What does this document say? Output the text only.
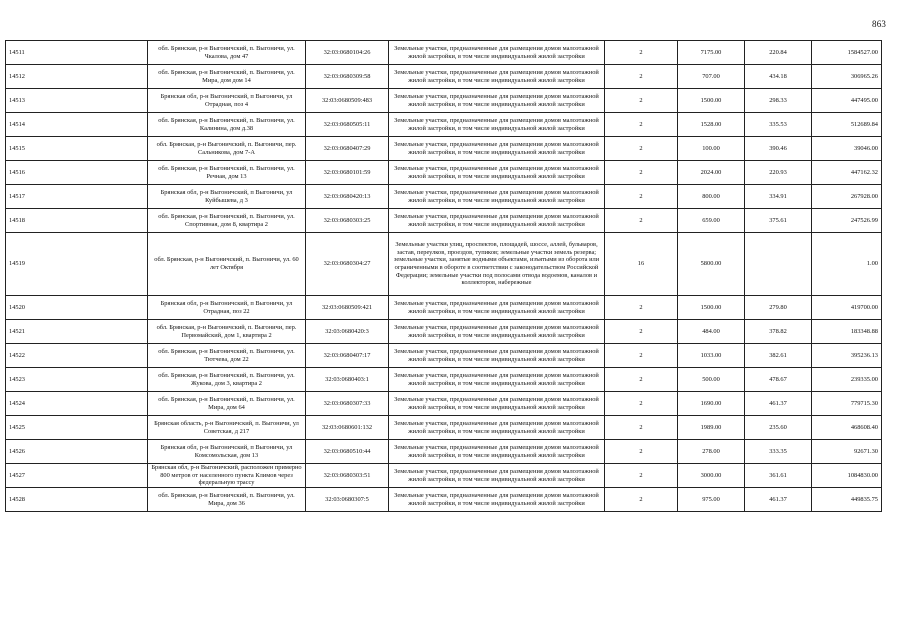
863
14511	обл. Брянская, р-н Выгоничский, п. Выгоничи, ул. Чкалова, дом 47	32:03:0680104:26	Земельные участки, предназначенные для размещения домов малоэтажной жилой застройки, в том числе индивидуальной жилой застройки	2	7175.00	220.84	1584527.00
14512	обл. Брянская, р-н Выгоничский, п. Выгоничи, ул. Мира, дом дом 14	32:03:0680309:58	Земельные участки, предназначенные для размещения домов малоэтажной жилой застройки, в том числе индивидуальной жилой застройки	2	707.00	434.18	306965.26
14513	Брянская обл, р-н Выгоничский, п Выгоничи, ул Отрадная, поз 4	32:03:0680509:483	Земельные участки, предназначенные для размещения домов малоэтажной жилой застройки, в том числе индивидуальной жилой застройки	2	1500.00	298.33	447495.00
14514	обл. Брянская, р-н Выгоничский, п. Выгоничи, ул. Калинина, дом д.38	32:03:0680505:11	Земельные участки, предназначенные для размещения домов малоэтажной жилой застройки, в том числе индивидуальной жилой застройки	2	1528.00	335.53	512689.84
14515	обл. Брянская, р-н Выгоничский, п. Выгоничи, пер. Сальникова, дом 7-А	32:03:0680407:29	Земельные участки, предназначенные для размещения домов малоэтажной жилой застройки, в том числе индивидуальной жилой застройки	2	100.00	390.46	39046.00
14516	обл. Брянская, р-н Выгоничский, п. Выгоничи, ул. Речная, дом 13	32:03:0680101:59	Земельные участки, предназначенные для размещения домов малоэтажной жилой застройки, в том числе индивидуальной жилой застройки	2	2024.00	220.93	447162.32
14517	Брянская обл, р-н Выгоничский, п Выгоничи, ул Куйбышева, д 3	32:03:0680420:13	Земельные участки, предназначенные для размещения домов малоэтажной жилой застройки, в том числе индивидуальной жилой застройки	2	800.00	334.91	267928.00
14518	обл. Брянская, р-н Выгоничский, п. Выгоничи, ул. Спортивная, дом 8, квартира 2	32:03:0680303:25	Земельные участки, предназначенные для размещения домов малоэтажной жилой застройки, в том числе индивидуальной жилой застройки	2	659.00	375.61	247526.99
14519	обл. Брянская, р-н Выгоничский, п. Выгоничи, ул. 60 лет Октября	32:03:0680304:27	Земельные участки улиц, проспектов, площадей, шоссе, аллей, бульваров, застав, переулков, проездов, тупиков; земельные участки земель резерва; земельные участки, занятые водными объектами, изъятыми из оборота или ограниченными в обороте в соответствии с законодательством Российской Федерации; земельные участки под полосами отвода водоемов, каналов и коллекторов, набережные	16	5800.00		1.00
14520	Брянская обл, р-н Выгоничский, п Выгоничи, ул Отрадная, поз 22	32:03:0680509:421	Земельные участки, предназначенные для размещения домов малоэтажной жилой застройки, в том числе индивидуальной жилой застройки	2	1500.00	279.80	419700.00
14521	обл. Брянская, р-н Выгоничский, п. Выгоничи, пер. Первомайский, дом 1, квартира 2	32:03:0680420:3	Земельные участки, предназначенные для размещения домов малоэтажной жилой застройки, в том числе индивидуальной жилой застройки	2	484.00	378.82	183348.88
14522	обл. Брянская, р-н Выгоничский, п. Выгоничи, ул. Тютчева, дом 22	32:03:0680407:17	Земельные участки, предназначенные для размещения домов малоэтажной жилой застройки, в том числе индивидуальной жилой застройки	2	1033.00	382.61	395236.13
14523	обл. Брянская, р-н Выгоничский, п. Выгоничи, ул. Жукова, дом 3, квартира 2	32:03:0680403:1	Земельные участки, предназначенные для размещения домов малоэтажной жилой застройки, в том числе индивидуальной жилой застройки	2	500.00	478.67	239335.00
14524	обл. Брянская, р-н Выгоничский, п. Выгоничи, ул. Мира, дом 64	32:03:0680307:33	Земельные участки, предназначенные для размещения домов малоэтажной жилой застройки, в том числе индивидуальной жилой застройки	2	1690.00	461.37	779715.30
14525	Брянская область, р-н Выгоничский, п. Выгоничи, ул Советская, д 217	32:03:0680601:132	Земельные участки, предназначенные для размещения домов малоэтажной жилой застройки, в том числе индивидуальной жилой застройки	2	1989.00	235.60	468608.40
14526	Брянская обл, р-н Выгоничский, п Выгоничи, ул Комсомольская, дом 13	32:03:0680510:44	Земельные участки, предназначенные для размещения домов малоэтажной жилой застройки, в том числе индивидуальной жилой застройки	2	278.00	333.35	92671.30
14527	Брянская обл, р-н Выгоничский, расположен примерно 800 метров от населенного пункта Климов через федеральную трассу	32:03:0680303:51	Земельные участки, предназначенные для размещения домов малоэтажной жилой застройки, в том числе индивидуальной жилой застройки	2	3000.00	361.61	1084830.00
14528	обл. Брянская, р-н Выгоничский, п. Выгоничи, ул. Мира, дом 36	32:03:0680307:5	Земельные участки, предназначенные для размещения домов малоэтажной жилой застройки, в том числе индивидуальной жилой застройки	2	975.00	461.37	449835.75
